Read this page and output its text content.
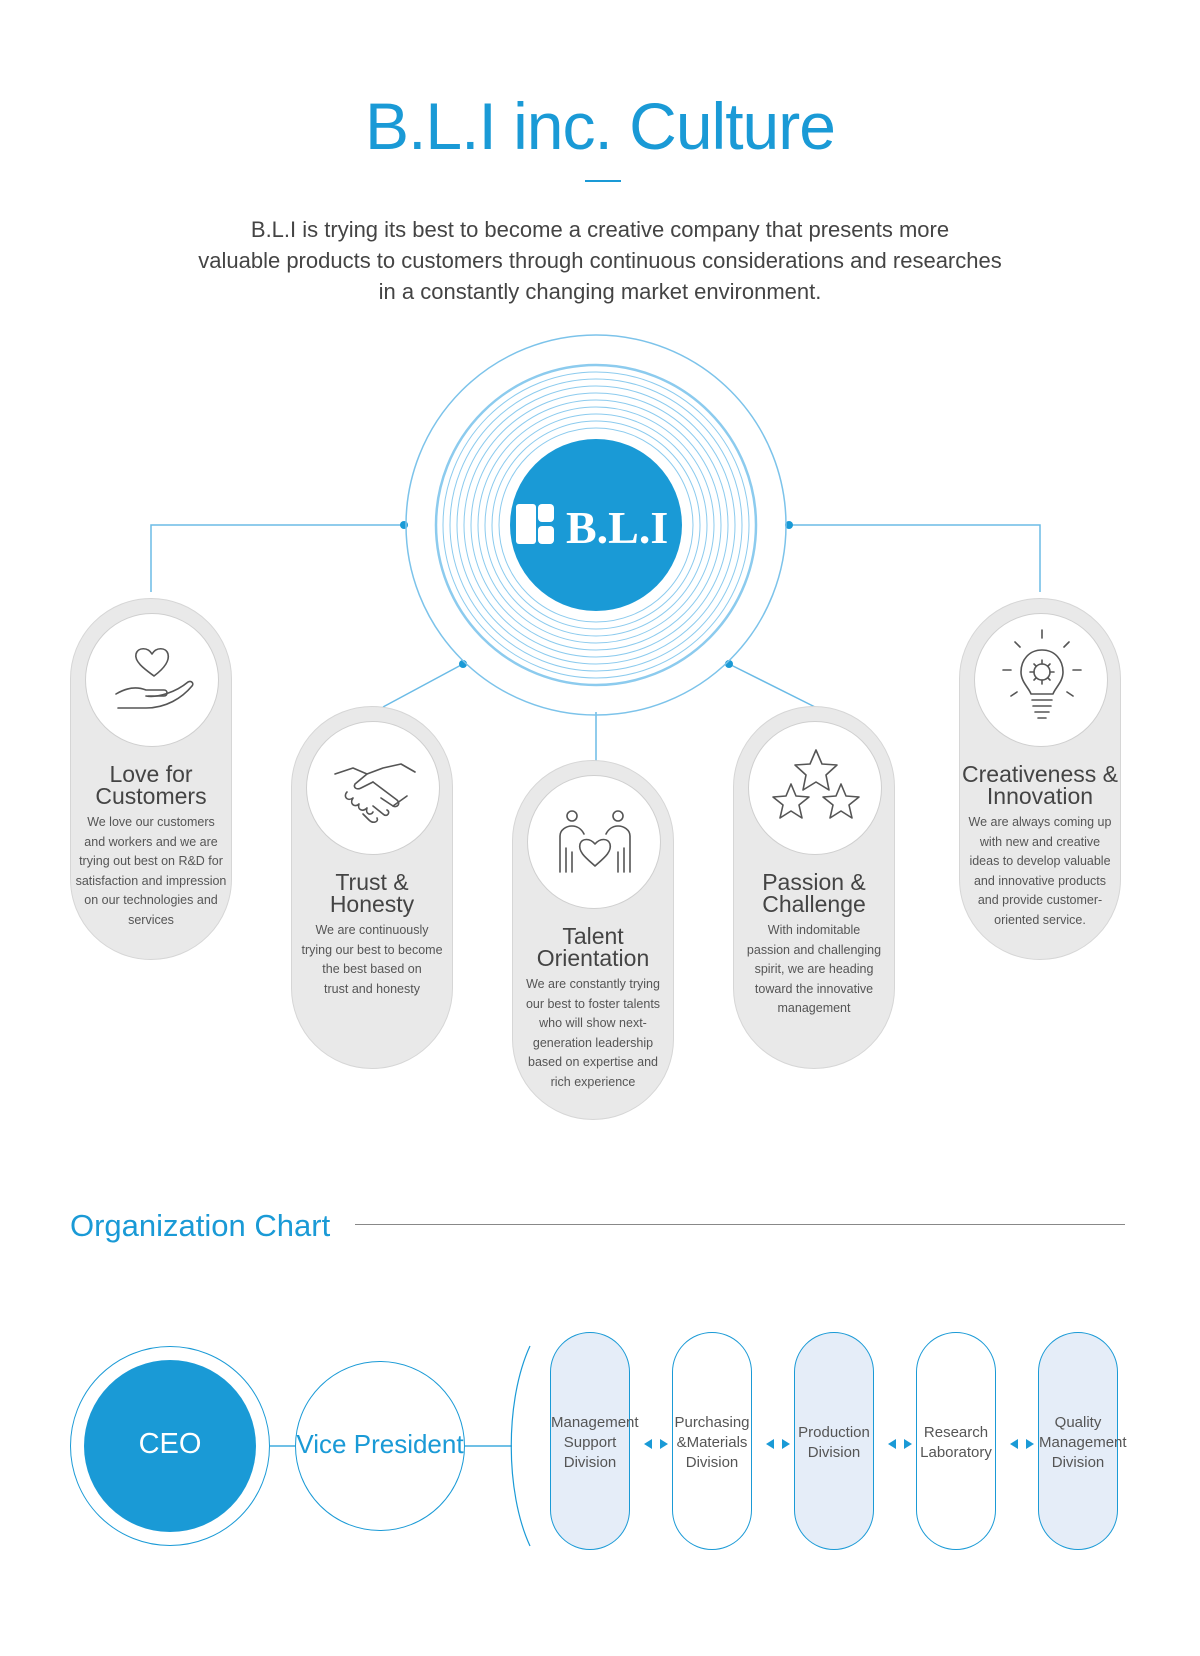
B.L.I inc. Culture
B.L.I is trying its best to become a creative company that presents more
valuable products to customers through continuous considerations and researches
in a constantly changing market environment.
B.L.I
Love for
Customers
We love our customers
and workers and we are
trying out best on R&D for
satisfaction and impression
on our technologies and
services
Trust &
Honesty
We are continuously
trying our best to become
the best based on
trust and honesty
Talent
Orientation
We are constantly trying
our best to foster talents
who will show next-
generation leadership
based on expertise and
rich experience
Passion &
Challenge
With indomitable
passion and challenging
spirit, we are heading
toward the innovative
management
Creativeness &
Innovation
We are always coming up
with new and creative
ideas to develop valuable
and innovative products
and provide customer-
oriented service.
Organization Chart
CEO	Vice President
Management
Support
Division
Purchasing
&Materials
Division
Production
Division
Research
Laboratory
Quality
Management
Division
